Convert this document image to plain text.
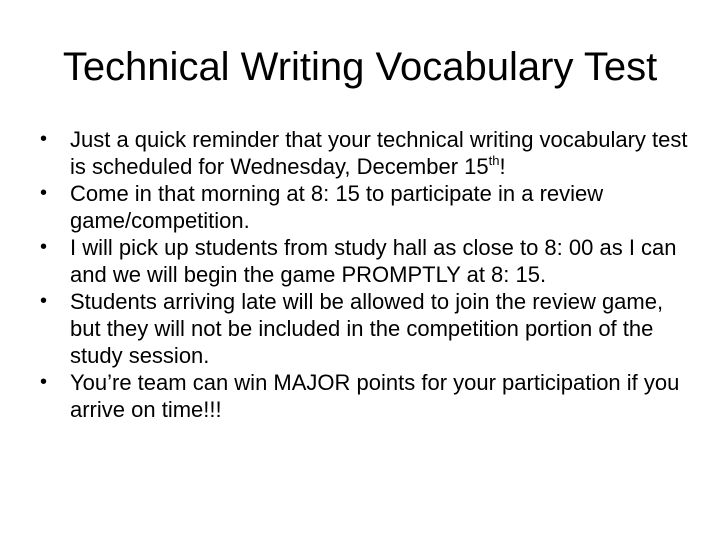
Technical Writing Vocabulary Test
•	Just a quick reminder that your technical writing vocabulary test is scheduled for Wednesday, December 15th!
•	Come in that morning at 8: 15 to participate in a review game/competition.
•	I will pick up students from study hall as close to 8: 00 as I can and we will begin the game PROMPTLY at 8: 15.
•	Students arriving late will be allowed to join the review game, but they will not be included in the competition portion of the study session.
•	You’re team can win MAJOR points for your participation if you arrive on time!!!
